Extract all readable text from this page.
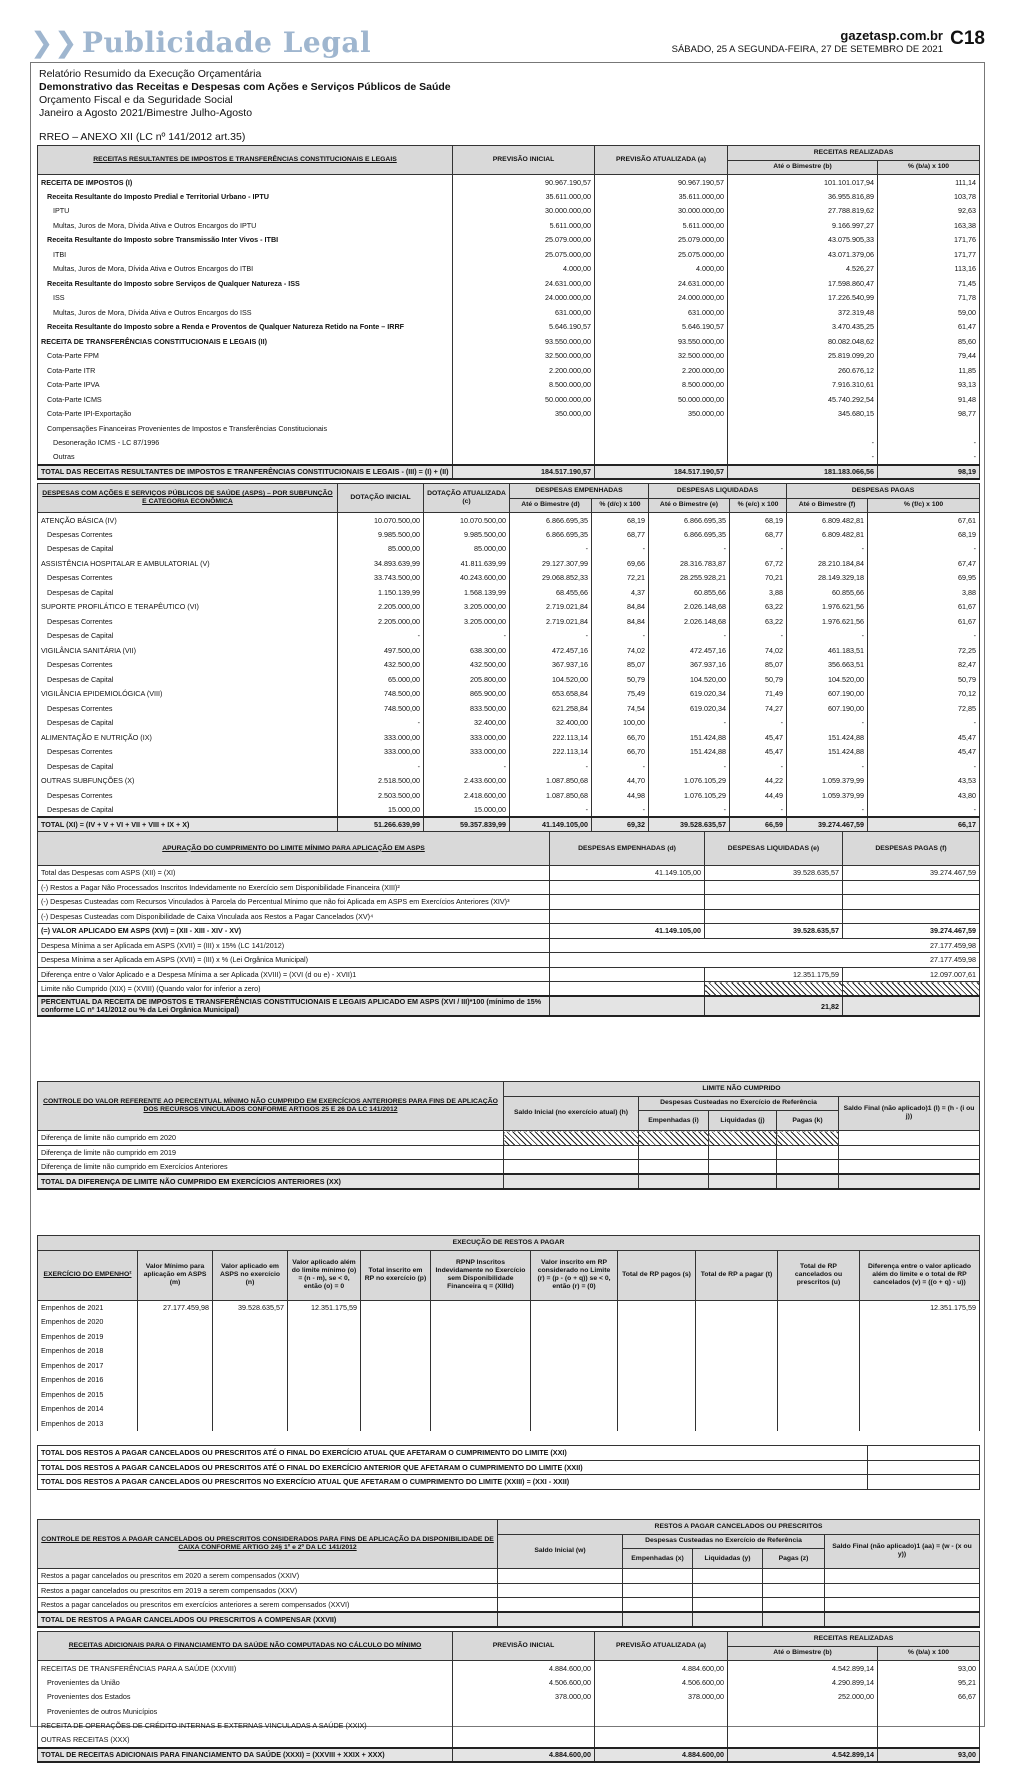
❯❯ Publicidade Legal	gazetasp.com.br
SÁBADO, 25 A SEGUNDA-FEIRA, 27 DE SETEMBRO DE 2021
C18
Relatório Resumido da Execução Orçamentária
Demonstrativo das Receitas e Despesas com Ações e Serviços Públicos de Saúde
Orçamento Fiscal e da Seguridade Social
Janeiro a Agosto 2021/Bimestre Julho-Agosto
RREO – ANEXO XII (LC nº 141/2012 art.35)
RECEITAS RESULTANTES DE IMPOSTOS E TRANSFERÊNCIAS CONSTITUCIONAIS E LEGAIS	PREVISÃO INICIAL	PREVISÃO ATUALIZADA (a)	RECEITAS REALIZADAS	
			Até o Bimestre (b)	% (b/a) x 100
RECEITA DE IMPOSTOS (I)	90.967.190,57	90.967.190,57	101.101.017,94	111,14
Receita Resultante do Imposto Predial e Territorial Urbano - IPTU	35.611.000,00	35.611.000,00	36.955.816,89	103,78
IPTU	30.000.000,00	30.000.000,00	27.788.819,62	92,63
Multas, Juros de Mora, Dívida Ativa e Outros Encargos do IPTU	5.611.000,00	5.611.000,00	9.166.997,27	163,38
Receita Resultante do Imposto sobre Transmissão Inter Vivos - ITBI	25.079.000,00	25.079.000,00	43.075.905,33	171,76
ITBI	25.075.000,00	25.075.000,00	43.071.379,06	171,77
Multas, Juros de Mora, Dívida Ativa e Outros Encargos do ITBI	4.000,00	4.000,00	4.526,27	113,16
Receita Resultante do Imposto sobre Serviços de Qualquer Natureza - ISS	24.631.000,00	24.631.000,00	17.598.860,47	71,45
ISS	24.000.000,00	24.000.000,00	17.226.540,99	71,78
Multas, Juros de Mora, Dívida Ativa e Outros Encargos do ISS	631.000,00	631.000,00	372.319,48	59,00
Receita Resultante do Imposto sobre a Renda e Proventos de Qualquer Natureza Retido na Fonte – IRRF	5.646.190,57	5.646.190,57	3.470.435,25	61,47
RECEITA DE TRANSFERÊNCIAS CONSTITUCIONAIS E LEGAIS (II)	93.550.000,00	93.550.000,00	80.082.048,62	85,60
Cota-Parte FPM	32.500.000,00	32.500.000,00	25.819.099,20	79,44
Cota-Parte ITR	2.200.000,00	2.200.000,00	260.676,12	11,85
Cota-Parte IPVA	8.500.000,00	8.500.000,00	7.916.310,61	93,13
Cota-Parte ICMS	50.000.000,00	50.000.000,00	45.740.292,54	91,48
Cota-Parte IPI-Exportação	350.000,00	350.000,00	345.680,15	98,77
Compensações Financeiras Provenientes de Impostos e Transferências Constitucionais				
Desoneração ICMS - LC 87/1996			-	-
Outras			-	-
TOTAL DAS RECEITAS RESULTANTES DE IMPOSTOS E TRANFERÊNCIAS CONSTITUCIONAIS E LEGAIS - (III) = (I) + (II)	184.517.190,57	184.517.190,57	181.183.066,56	98,19
DESPESAS COM AÇÕES E SERVIÇOS PÚBLICOS DE SAÚDE (ASPS) – POR SUBFUNÇÃO E CATEGORIA ECONÔMICA	DOTAÇÃO INICIAL	DOTAÇÃO ATUALIZADA (c)	DESPESAS EMPENHADAS		DESPESAS LIQUIDADAS		DESPESAS PAGAS	
			Até o Bimestre (d)	% (d/c) x 100	Até o Bimestre (e)	% (e/c) x 100	Até o Bimestre (f)	% (f/c) x 100
ATENÇÃO BÁSICA (IV)	10.070.500,00	10.070.500,00	6.866.695,35	68,19	6.866.695,35	68,19	6.809.482,81	67,61
Despesas Correntes	9.985.500,00	9.985.500,00	6.866.695,35	68,77	6.866.695,35	68,77	6.809.482,81	68,19
Despesas de Capital	85.000,00	85.000,00	-	-	-	-	-	-
ASSISTÊNCIA HOSPITALAR E AMBULATORIAL (V)	34.893.639,99	41.811.639,99	29.127.307,99	69,66	28.316.783,87	67,72	28.210.184,84	67,47
Despesas Correntes	33.743.500,00	40.243.600,00	29.068.852,33	72,21	28.255.928,21	70,21	28.149.329,18	69,95
Despesas de Capital	1.150.139,99	1.568.139,99	68.455,66	4,37	60.855,66	3,88	60.855,66	3,88
SUPORTE PROFILÁTICO E TERAPÊUTICO (VI)	2.205.000,00	3.205.000,00	2.719.021,84	84,84	2.026.148,68	63,22	1.976.621,56	61,67
Despesas Correntes	2.205.000,00	3.205.000,00	2.719.021,84	84,84	2.026.148,68	63,22	1.976.621,56	61,67
Despesas de Capital	-	-	-	-	-	-	-	-
VIGILÂNCIA SANITÁRIA (VII)	497.500,00	638.300,00	472.457,16	74,02	472.457,16	74,02	461.183,51	72,25
Despesas Correntes	432.500,00	432.500,00	367.937,16	85,07	367.937,16	85,07	356.663,51	82,47
Despesas de Capital	65.000,00	205.800,00	104.520,00	50,79	104.520,00	50,79	104.520,00	50,79
VIGILÂNCIA EPIDEMIOLÓGICA (VIII)	748.500,00	865.900,00	653.658,84	75,49	619.020,34	71,49	607.190,00	70,12
Despesas Correntes	748.500,00	833.500,00	621.258,84	74,54	619.020,34	74,27	607.190,00	72,85
Despesas de Capital	-	32.400,00	32.400,00	100,00	-	-	-	-
ALIMENTAÇÃO E NUTRIÇÃO (IX)	333.000,00	333.000,00	222.113,14	66,70	151.424,88	45,47	151.424,88	45,47
Despesas Correntes	333.000,00	333.000,00	222.113,14	66,70	151.424,88	45,47	151.424,88	45,47
Despesas de Capital	-	-	-	-	-	-	-	-
OUTRAS SUBFUNÇÕES (X)	2.518.500,00	2.433.600,00	1.087.850,68	44,70	1.076.105,29	44,22	1.059.379,99	43,53
Despesas Correntes	2.503.500,00	2.418.600,00	1.087.850,68	44,98	1.076.105,29	44,49	1.059.379,99	43,80
Despesas de Capital	15.000,00	15.000,00	-	-	-	-	-	-
TOTAL (XI) = (IV + V + VI + VII + VIII + IX + X)	51.266.639,99	59.357.839,99	41.149.105,00	69,32	39.528.635,57	66,59	39.274.467,59	66,17
APURAÇÃO DO CUMPRIMENTO DO LIMITE MÍNIMO PARA APLICAÇÃO EM ASPS	DESPESAS EMPENHADAS (d)	DESPESAS LIQUIDADAS (e)	DESPESAS PAGAS (f)
Total das Despesas com ASPS (XII) = (XI)	41.149.105,00	39.528.635,57	39.274.467,59
(-) Restos a Pagar Não Processados Inscritos Indevidamente no Exercício sem Disponibilidade Financeira (XIII)²			
(-) Despesas Custeadas com Recursos Vinculados à Parcela do Percentual Mínimo que não foi Aplicada em ASPS em Exercícios Anteriores (XIV)³			
(-) Despesas Custeadas com Disponibilidade de Caixa Vinculada aos Restos a Pagar Cancelados (XV)⁴			
(=) VALOR APLICADO EM ASPS (XVI) = (XII - XIII - XIV - XV)	41.149.105,00	39.528.635,57	39.274.467,59
Despesa Mínima a ser Aplicada em ASPS (XVII) = (III) x 15% (LC 141/2012)	27.177.459,98		
Despesa Mínima a ser Aplicada em ASPS (XVII) = (III) x % (Lei Orgânica Municipal)	27.177.459,98		
Diferença entre o Valor Aplicado e a Despesa Mínima a ser Aplicada (XVIII) = (XVI (d ou e) - XVII)1		12.351.175,59	12.097.007,61
Limite não Cumprido (XIX) = (XVIII) (Quando valor for inferior a zero)			
PERCENTUAL DA RECEITA DE IMPOSTOS E TRANSFERÊNCIAS CONSTITUCIONAIS E LEGAIS APLICADO EM ASPS (XVI / III)*100 (mínimo de 15% conforme LC nº 141/2012 ou % da Lei Orgânica Municipal)		21,82	
CONTROLE DO VALOR REFERENTE AO PERCENTUAL MÍNIMO NÃO CUMPRIDO EM EXERCÍCIOS ANTERIORES PARA FINS DE APLICAÇÃO DOS RECURSOS VINCULADOS CONFORME ARTIGOS 25 E 26 DA LC 141/2012	LIMITE NÃO CUMPRIDO				
	Saldo Inicial (no exercício atual) (h)	Despesas Custeadas no Exercício de Referência			Saldo Final (não aplicado)1 (l) = (h - (i ou j))
		Empenhadas (i)	Liquidadas (j)	Pagas (k)	
Diferença de limite não cumprido em 2020					
Diferença de limite não cumprido em 2019					
Diferença de limite não cumprido em Exercícios Anteriores					
TOTAL DA DIFERENÇA DE LIMITE NÃO CUMPRIDO EM EXERCÍCIOS ANTERIORES (XX)					
EXECUÇÃO DE RESTOS A PAGAR										
EXERCÍCIO DO EMPENHO²	Valor Mínimo para aplicação em ASPS (m)	Valor aplicado em ASPS no exercício (n)	Valor aplicado além do limite mínimo (o) = (n - m), se < 0, então (o) = 0	Total inscrito em RP no exercício (p)	RPNP Inscritos Indevidamente no Exercício sem Disponibilidade Financeira q = (XIIId)	Valor inscrito em RP considerado no Limite (r) = (p - (o + q)) se < 0, então (r) = (0)	Total de RP pagos (s)	Total de RP a pagar (t)	Total de RP cancelados ou prescritos (u)	Diferença entre o valor aplicado além do limite e o total de RP cancelados (v) = ((o + q) - u))
Empenhos de 2021	27.177.459,98	39.528.635,57	12.351.175,59							12.351.175,59
Empenhos de 2020										
Empenhos de 2019										
Empenhos de 2018										
Empenhos de 2017										
Empenhos de 2016										
Empenhos de 2015										
Empenhos de 2014										
Empenhos de 2013										
TOTAL DOS RESTOS A PAGAR CANCELADOS OU PRESCRITOS ATÉ O FINAL DO EXERCÍCIO ATUAL QUE AFETARAM O CUMPRIMENTO DO LIMITE (XXI)	
TOTAL DOS RESTOS A PAGAR CANCELADOS OU PRESCRITOS ATÉ O FINAL DO EXERCÍCIO ANTERIOR QUE AFETARAM O CUMPRIMENTO DO LIMITE (XXII)	
TOTAL DOS RESTOS A PAGAR CANCELADOS OU PRESCRITOS NO EXERCÍCIO ATUAL QUE AFETARAM O CUMPRIMENTO DO LIMITE (XXIII) = (XXI - XXII)	
CONTROLE DE RESTOS A PAGAR CANCELADOS OU PRESCRITOS CONSIDERADOS PARA FINS DE APLICAÇÃO DA DISPONIBILIDADE DE CAIXA CONFORME ARTIGO 24§ 1º e 2º DA LC 141/2012	RESTOS A PAGAR CANCELADOS OU PRESCRITOS				
	Saldo Inicial (w)	Despesas Custeadas no Exercício de Referência			Saldo Final (não aplicado)1 (aa) = (w - (x ou y))
		Empenhadas (x)	Liquidadas (y)	Pagas (z)	
Restos a pagar cancelados ou prescritos em 2020 a serem compensados (XXIV)					
Restos a pagar cancelados ou prescritos em 2019 a serem compensados (XXV)					
Restos a pagar cancelados ou prescritos em exercícios anteriores a serem compensados (XXVI)					
TOTAL DE RESTOS A PAGAR CANCELADOS OU PRESCRITOS A COMPENSAR (XXVII)					
RECEITAS ADICIONAIS PARA O FINANCIAMENTO DA SAÚDE NÃO COMPUTADAS NO CÁLCULO DO MÍNIMO	PREVISÃO INICIAL	PREVISÃO ATUALIZADA (a)	RECEITAS REALIZADAS	
			Até o Bimestre (b)	% (b/a) x 100
RECEITAS DE TRANSFERÊNCIAS PARA A SAÚDE (XXVIII)	4.884.600,00	4.884.600,00	4.542.899,14	93,00
Provenientes da União	4.506.600,00	4.506.600,00	4.290.899,14	95,21
Provenientes dos Estados	378.000,00	378.000,00	252.000,00	66,67
Provenientes de outros Municípios				
RECEITA DE OPERAÇÕES DE CRÉDITO INTERNAS E EXTERNAS VINCULADAS A SAÚDE (XXIX)				
OUTRAS RECEITAS (XXX)				
TOTAL DE RECEITAS ADICIONAIS PARA FINANCIAMENTO DA SAÚDE (XXXI) = (XXVIII + XXIX + XXX)	4.884.600,00	4.884.600,00	4.542.899,14	93,00
